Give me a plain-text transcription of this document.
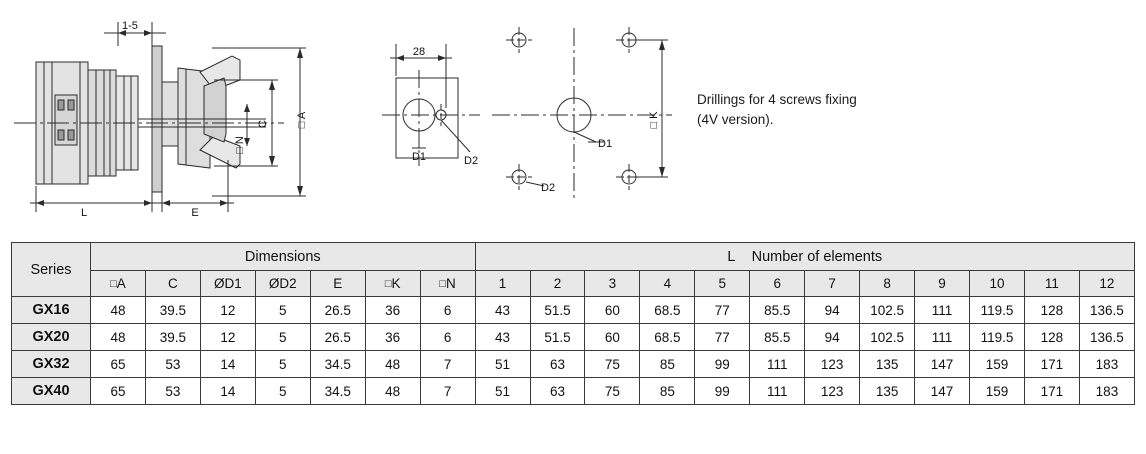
1-5
28
D1	D2
D1
D2
L	E
□ A
C
□ N
□ K
Drillings for 4 screws fixing
(4V version).
Series	Dimensions							L Number of elements											
	□A	C	ØD1	ØD2	E	□K	□N	1	2	3	4	5	6	7	8	9	10	11	12
GX16	48	39.5	12	5	26.5	36	6	43	51.5	60	68.5	77	85.5	94	102.5	111	119.5	128	136.5
GX20	48	39.5	12	5	26.5	36	6	43	51.5	60	68.5	77	85.5	94	102.5	111	119.5	128	136.5
GX32	65	53	14	5	34.5	48	7	51	63	75	85	99	111	123	135	147	159	171	183
GX40	65	53	14	5	34.5	48	7	51	63	75	85	99	111	123	135	147	159	171	183
